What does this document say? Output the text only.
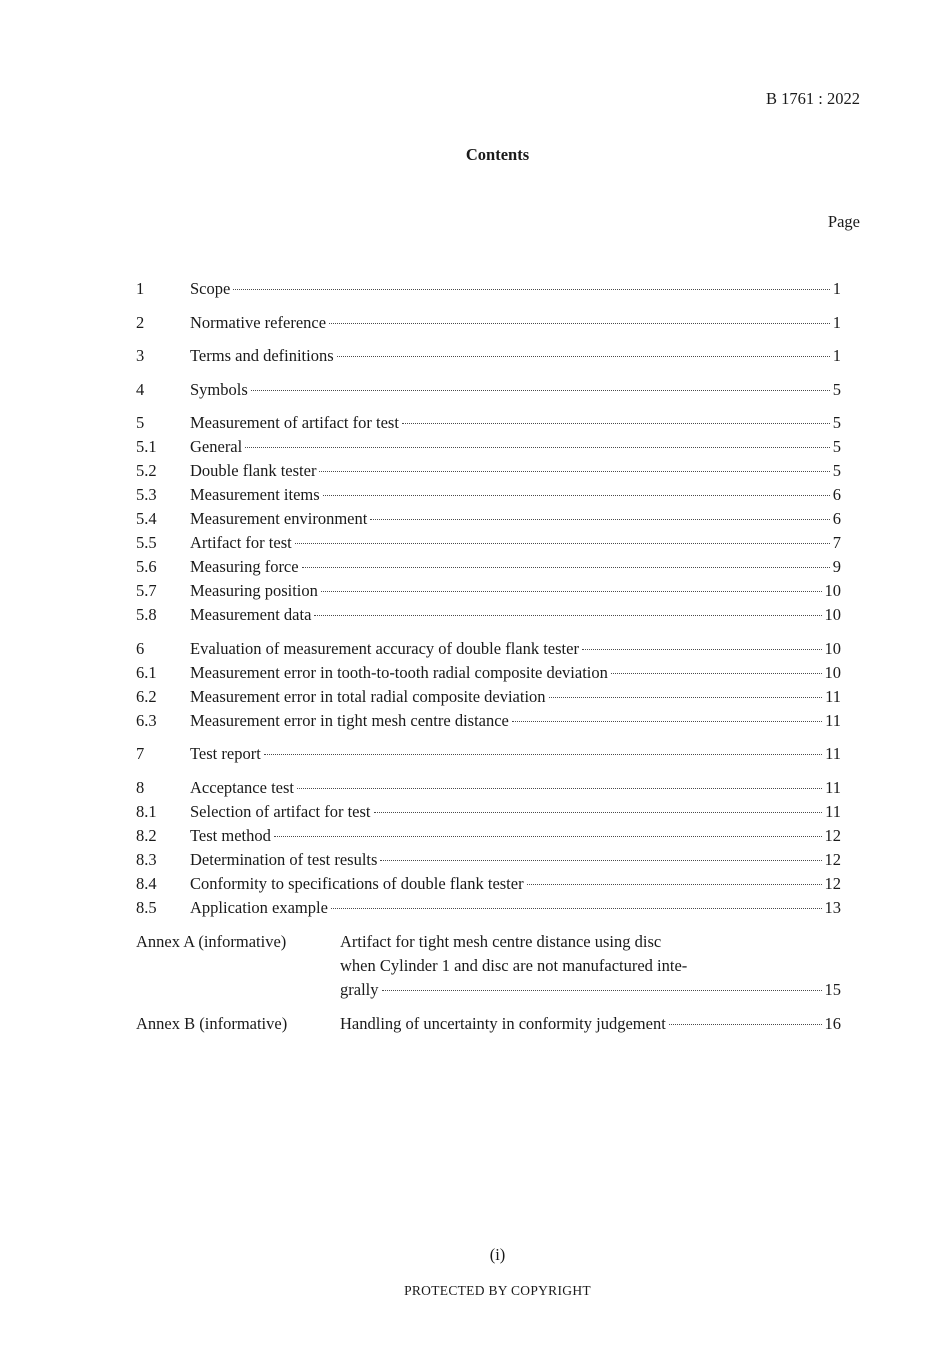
B 1761 : 2022
Contents
Page
1	Scope	1
2	Normative reference	1
3	Terms and definitions	1
4	Symbols	5
5	Measurement of artifact for test	5
5.1	General	5
5.2	Double flank tester	5
5.3	Measurement items	6
5.4	Measurement environment	6
5.5	Artifact for test	7
5.6	Measuring force	9
5.7	Measuring position	10
5.8	Measurement data	10
6	Evaluation of measurement accuracy of double flank tester	10
6.1	Measurement error in tooth-to-tooth radial composite deviation	10
6.2	Measurement error in total radial composite deviation	11
6.3	Measurement error in tight mesh centre distance	11
7	Test report	11
8	Acceptance test	11
8.1	Selection of artifact for test	11
8.2	Test method	12
8.3	Determination of test results	12
8.4	Conformity to specifications of double flank tester	12
8.5	Application example	13
Annex A (informative)	Artifact for tight mesh centre distance using disc
when Cylinder 1 and disc are not manufactured inte-
grally	15
Annex B (informative)	Handling of uncertainty in conformity judgement	16
(i)
PROTECTED BY COPYRIGHT
